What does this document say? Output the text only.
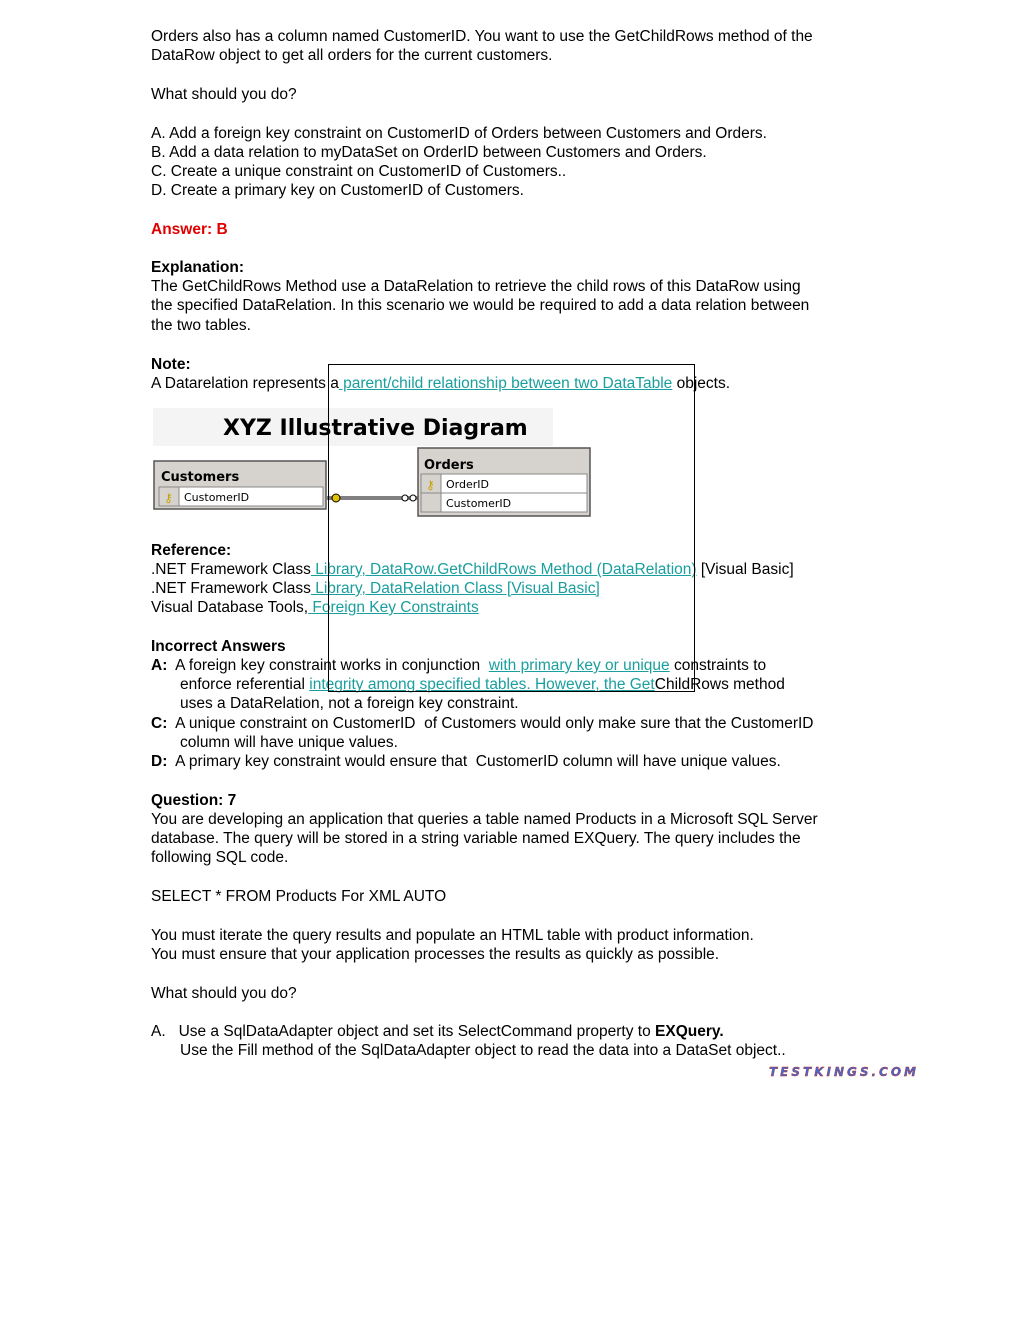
Orders also has a column named CustomerID. You want to use the GetChildRows method of the
DataRow object to get all orders for the current customers.
What should you do?
A. Add a foreign key constraint on CustomerID of Orders between Customers and Orders.
B. Add a data relation to myDataSet on OrderID between Customers and Orders.
C. Create a unique constraint on CustomerID of Customers..
D. Create a primary key on CustomerID of Customers.
Answer: B
Explanation:
The GetChildRows Method use a DataRelation to retrieve the child rows of this DataRow using
the specified DataRelation. In this scenario we would be required to add a data relation between
the two tables.
Note:
A Datarelation represents a parent/child relationship between two DataTable objects.
Reference:
.NET Framework Class Library, DataRow.GetChildRows Method (DataRelation) [Visual Basic]
.NET Framework Class Library, DataRelation Class [Visual Basic]
Visual Database Tools, Foreign Key Constraints
Incorrect Answers
A:  A foreign key constraint works in conjunction with primary key or unique constraints to
enforce referential integrity among specified tables. However, the GetChildRows method
uses a DataRelation, not a foreign key constraint.
C:  A unique constraint on CustomerID  of Customers would only make sure that the CustomerID
column will have unique values.
D:  A primary key constraint would ensure that  CustomerID column will have unique values.
Question: 7
You are developing an application that queries a table named Products in a Microsoft SQL Server
database. The query will be stored in a string variable named EXQuery. The query includes the
following SQL code.
SELECT * FROM Products For XML AUTO
You must iterate the query results and populate an HTML table with product information.
You must ensure that your application processes the results as quickly as possible.
What should you do?
A.   Use a SqlDataAdapter object and set its SelectCommand property to EXQuery.
Use the Fill method of the SqlDataAdapter object to read the data into a DataSet object..
XYZ Illustrative Diagram
Customers
⚷ CustomerID
Orders
⚷ OrderID
CustomerID
TESTKINGS.COM
